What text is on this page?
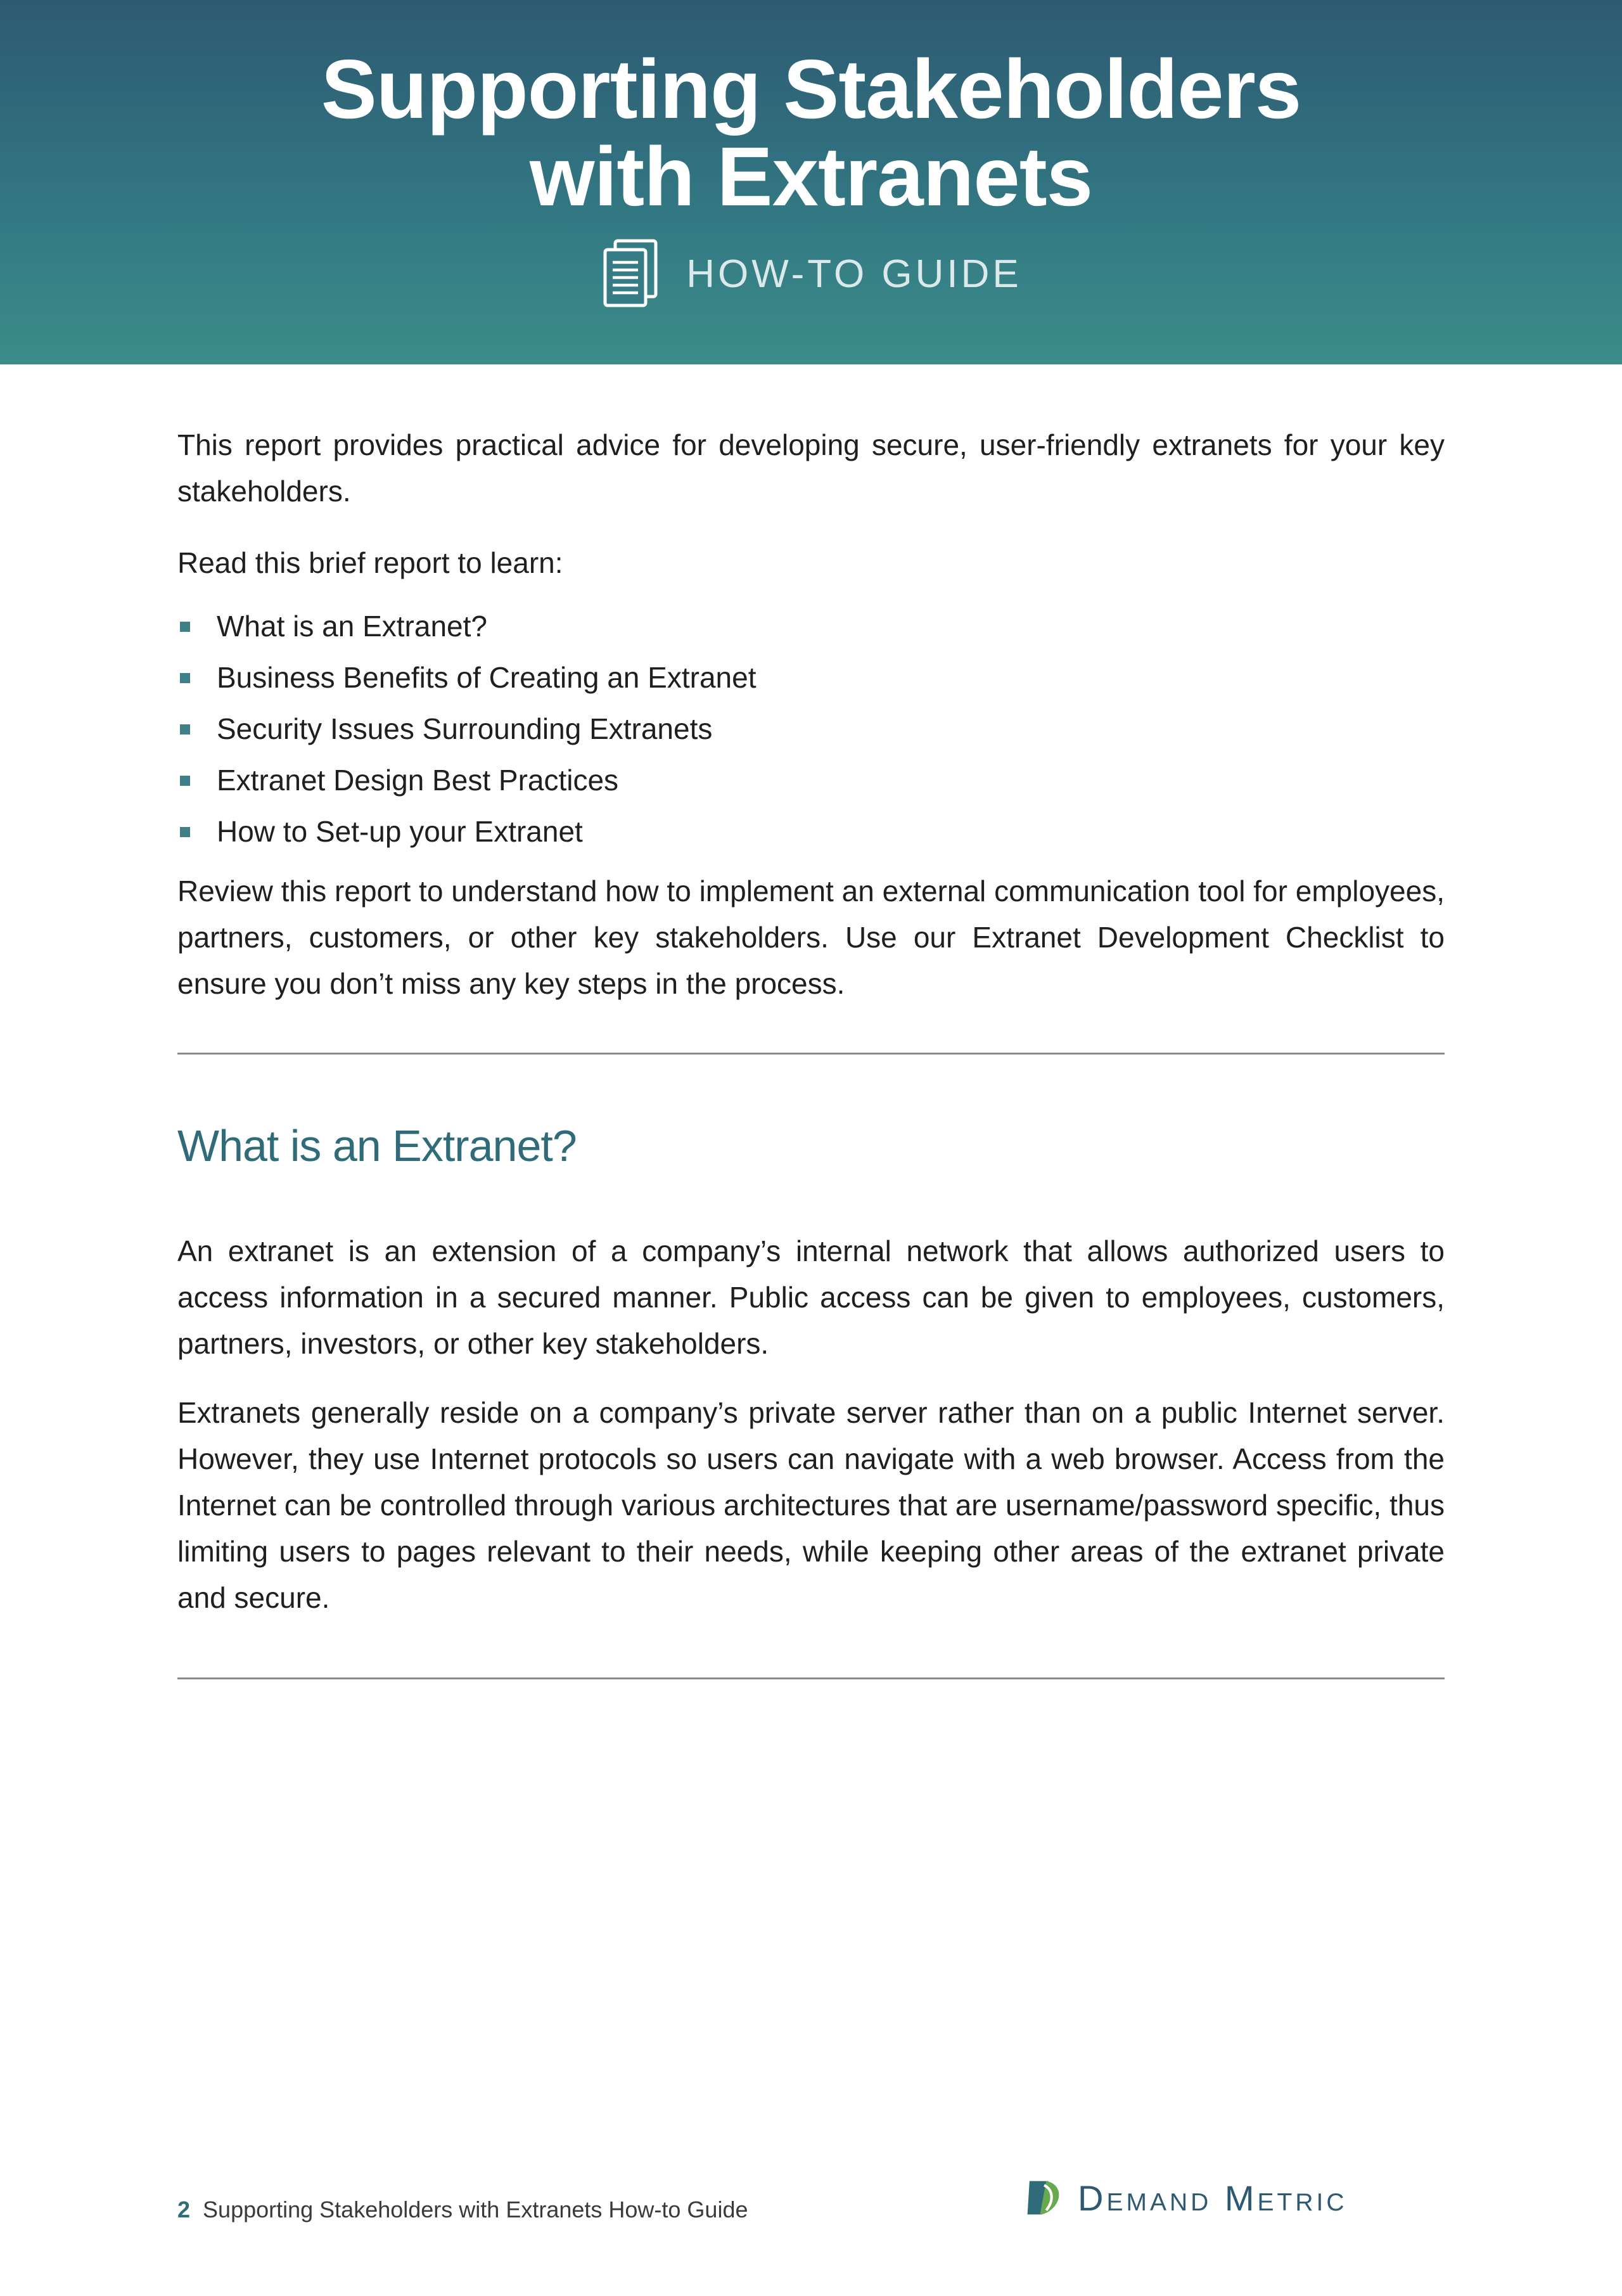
Supporting Stakeholders
with Extranets
HOW-TO GUIDE

This report provides practical advice for developing secure, user-friendly extranets for your key stakeholders.

Read this brief report to learn:

What is an Extranet?
Business Benefits of Creating an Extranet
Security Issues Surrounding Extranets
Extranet Design Best Practices
How to Set-up your Extranet

Review this report to understand how to implement an external communication tool for employees, partners, customers, or other key stakeholders. Use our Extranet Development Checklist to ensure you don’t miss any key steps in the process.

What is an Extranet?

An extranet is an extension of a company’s internal network that allows authorized users to access information in a secured manner. Public access can be given to employees, customers, partners, investors, or other key stakeholders.

Extranets generally reside on a company’s private server rather than on a public Internet server. However, they use Internet protocols so users can navigate with a web browser. Access from the Internet can be controlled through various architectures that are username/password specific, thus limiting users to pages relevant to their needs, while keeping other areas of the extranet private and secure.

2 Supporting Stakeholders with Extranets How-to Guide	Demand Metric
